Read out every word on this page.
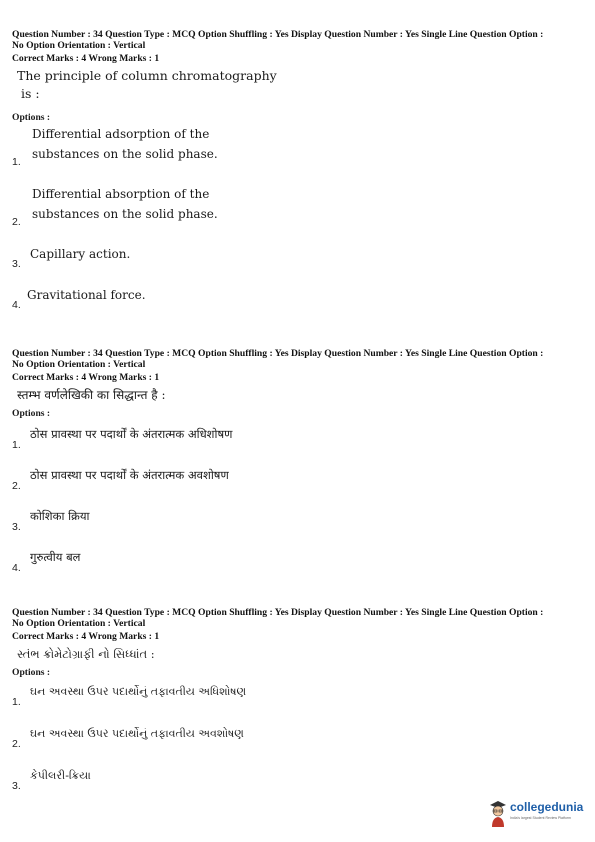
Question Number : 34 Question Type : MCQ Option Shuffling : Yes Display Question Number : Yes Single Line Question Option :
No Option Orientation : Vertical
Correct Marks : 4 Wrong Marks : 1
The principle of column chromatography
is :
Options :
1.
Differential adsorption of the
substances on the solid phase.
2.
Differential absorption of the
substances on the solid phase.
3.
Capillary action.
4.
Gravitational force.
Question Number : 34 Question Type : MCQ Option Shuffling : Yes Display Question Number : Yes Single Line Question Option :
No Option Orientation : Vertical
Correct Marks : 4 Wrong Marks : 1
स्तम्भ वर्णलेखिकी का सिद्धान्त है :
Options :
1.
ठोस प्रावस्था पर पदार्थों के अंतरात्मक अधिशोषण
2.
ठोस प्रावस्था पर पदार्थों के अंतरात्मक अवशोषण
3.
कोशिका क्रिया
4.
गुरुत्वीय बल
Question Number : 34 Question Type : MCQ Option Shuffling : Yes Display Question Number : Yes Single Line Question Option :
No Option Orientation : Vertical
Correct Marks : 4 Wrong Marks : 1
સ્તંભ ક્રોમેટોગ્રાફી નો સિધ્ધાંત :
Options :
1.
ઘન અવસ્થા ઉપર પદાર્થોનું તફાવતીય અધિશોષણ
2.
ઘન અવસ્થા ઉપર પદાર્થોનું તફાવતીય અવશોષણ
3.
કેપીલરી-ક્રિયા
collegedunia
India's largest Student Review Platform
